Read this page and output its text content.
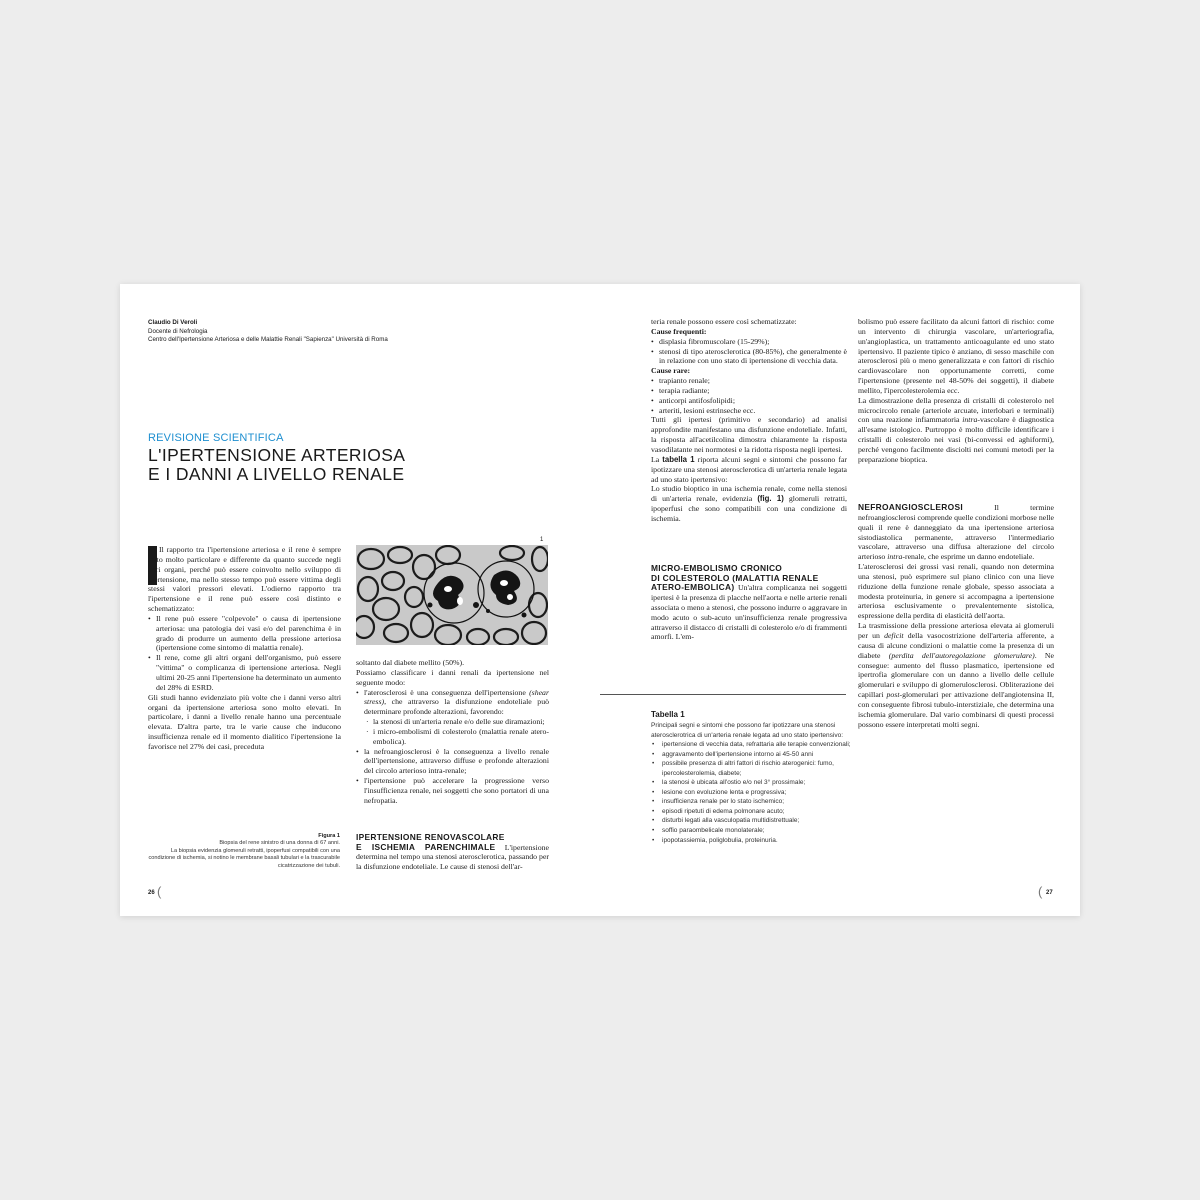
Claudio Di Veroli
Docente di Nefrologia
Centro dell'Ipertensione Arteriosa e delle Malattie Renali "Sapienza" Università di Roma
REVISIONE SCIENTIFICA
L'IPERTENSIONE ARTERIOSA
E I DANNI A LIVELLO RENALE

Il rapporto tra l'ipertensione arteriosa e il rene è sempre stato molto particolare e differente da quanto succede negli altri organi, perché può essere coinvolto nello sviluppo di ipertensione, ma nello stesso tempo può essere vittima degli stessi valori pressori elevati. L'odierno rapporto tra l'ipertensione e il rene può essere così distinto e schematizzato:

• Il rene può essere "colpevole" o causa di ipertensione arteriosa: una patologia dei vasi e/o del parenchima è in grado di produrre un aumento della pressione arteriosa (ipertensione come sintomo di malattia renale).
• Il rene, come gli altri organi dell'organismo, può essere "vittima" o complicanza di ipertensione arteriosa. Negli ultimi 20-25 anni l'ipertensione ha determinato un aumento del 28% di ESRD.

Gli studi hanno evidenziato più volte che i danni verso altri organi da ipertensione arteriosa sono molto elevati. In particolare, i danni a livello renale hanno una percentuale elevata. D'altra parte, tra le varie cause che inducono insufficienza renale ed il momento dialitico l'ipertensione la favorisce nel 27% dei casi, preceduta

1
Figura 1
Biopsia del rene sinistro di una donna di 67 anni.
La biopsia evidenzia glomeruli retratti, ipoperfusi compatibili con una condizione di ischemia, si notino le membrane basali tubulari e la trascurabile cicatrizzazione dei tubuli.

soltanto dal diabete mellito (50%).

Possiamo classificare i danni renali da ipertensione nel seguente modo:

• l'aterosclerosi è una conseguenza dell'ipertensione (shear stress), che attraverso la disfunzione endoteliale può determinare profonde alterazioni, favorendo:
· la stenosi di un'arteria renale e/o delle sue diramazioni;
· i micro-embolismi di colesterolo (malattia renale atero-embolica).
• la nefroangiosclerosi è la conseguenza a livello renale dell'ipertensione, attraverso diffuse e profonde alterazioni del circolo arterioso intra-renale;
• l'ipertensione può accelerare la progressione verso l'insufficienza renale, nei soggetti che sono portatori di una nefropatia.
IPERTENSIONE RENOVASCOLARE

E ISCHEMIA PARENCHIMALE L'ipertensione determina nel tempo una stenosi aterosclerotica, passando per la disfunzione endoteliale. Le cause di stenosi dell'ar-

teria renale possono essere così schematizzate:

Cause frequenti:

• displasia fibromuscolare (15-29%);
• stenosi di tipo aterosclerotica (80-85%), che generalmente è in relazione con uno stato di ipertensione di vecchia data.

Cause rare:

• trapianto renale;
• terapia radiante;
• anticorpi antifosfolipidi;
• arteriti, lesioni estrinseche ecc.

Tutti gli ipertesi (primitivo e secondario) ad analisi approfondite manifestano una disfunzione endoteliale. Infatti, la risposta all'acetilcolina dimostra chiaramente la risposta vasodilatante nei normotesi e la ridotta risposta negli ipertesi.

La tabella 1 riporta alcuni segni e sintomi che possono far ipotizzare una stenosi aterosclerotica di un'arteria renale legata ad uno stato ipertensivo:

Lo studio bioptico in una ischemia renale, come nella stenosi di un'arteria renale, evidenzia (fig. 1) glomeruli retratti, ipoperfusi che sono compatibili con una condizione di ischemia.

MICRO-EMBOLISMO CRONICO
DI COLESTEROLO (MALATTIA RENALE

ATERO-EMBOLICA) Un'altra complicanza nei soggetti ipertesi è la presenza di placche nell'aorta e nelle arterie renali associata o meno a stenosi, che possono indurre o aggravare in modo acuto o sub-acuto un'insufficienza renale progressiva attraverso il distacco di cristalli di colesterolo e/o di frammenti amorfi. L'em-

Tabella 1
Principali segni e sintomi che possono far ipotizzare una stenosi aterosclerotrica di un'arteria renale legata ad uno stato ipertensivo:
• ipertensione di vecchia data, refrattaria alle terapie convenzionali;
• aggravamento dell'ipertensione intorno ai 45-50 anni
• possibile presenza di altri fattori di rischio aterogenici: fumo, ipercolesterolemia, diabete;
• la stenosi è ubicata all'ostio e/o nel 3° prossimale;
• lesione con evoluzione lenta e progressiva;
• insufficienza renale per lo stato ischemico;
• episodi ripetuti di edema polmonare acuto;
• disturbi legati alla vasculopatia multidistrettuale;
• soffio paraombelicale monolaterale;
• ipopotassiemia, poliglobulia, proteinuria.

bolismo può essere facilitato da alcuni fattori di rischio: come un intervento di chirurgia vascolare, un'arteriografia, un'angioplastica, un trattamento anticoagulante ed uno stato ipertensivo. Il paziente tipico è anziano, di sesso maschile con aterosclerosi più o meno generalizzata e con fattori di rischio cardiovascolare non opportunamente corretti, come l'ipertensione (presente nel 48-50% dei soggetti), il diabete mellito, l'ipercolesterolemia ecc.

La dimostrazione della presenza di cristalli di colesterolo nel microcircolo renale (arteriole arcuate, interlobari e terminali) con una reazione infiammatoria intra-vascolare è diagnostica all'esame istologico. Purtroppo è molto difficile identificare i cristalli di colesterolo nei vasi (bi-convessi ed aghiformi), perché vengono facilmente disciolti nei comuni metodi per la preparazione bioptica.

NEFROANGIOSCLEROSI Il termine nefroangiosclerosi comprende quelle condizioni morbose nelle quali il rene è danneggiato da una ipertensione arteriosa sistodiastolica permanente, attraverso l'intermediario vascolare, attraverso una diffusa alterazione del circolo arterioso intra-renale, che esprime un danno endoteliale.

L'aterosclerosi dei grossi vasi renali, quando non determina una stenosi, può esprimere sul piano clinico con una lieve riduzione della funzione renale globale, spesso associata a modesta proteinuria, in genere si accompagna a ipertensione arteriosa esclusivamente o prevalentemente sistolica, espressione della perdita di elasticità dell'aorta.

La trasmissione della pressione arteriosa elevata ai glomeruli per un deficit della vasocostrizione dell'arteria afferente, a causa di alcune condizioni o malattie come la presenza di un diabete (perdita dell'autoregolazione glomerulare). Ne consegue: aumento del flusso plasmatico, ipertensione ed ipertrofia glomerulare con un danno a livello delle cellule glomerulari e sviluppo di glomerulosclerosi. Obliterazione dei capillari post-glomerulari per attivazione dell'angiotensina II, con conseguente fibrosi tubulo-interstiziale, che determina una ischemia glomerulare. Dal vario combinarsi di questi processi possono essere interpretati molti segni.

26 (	( 27
